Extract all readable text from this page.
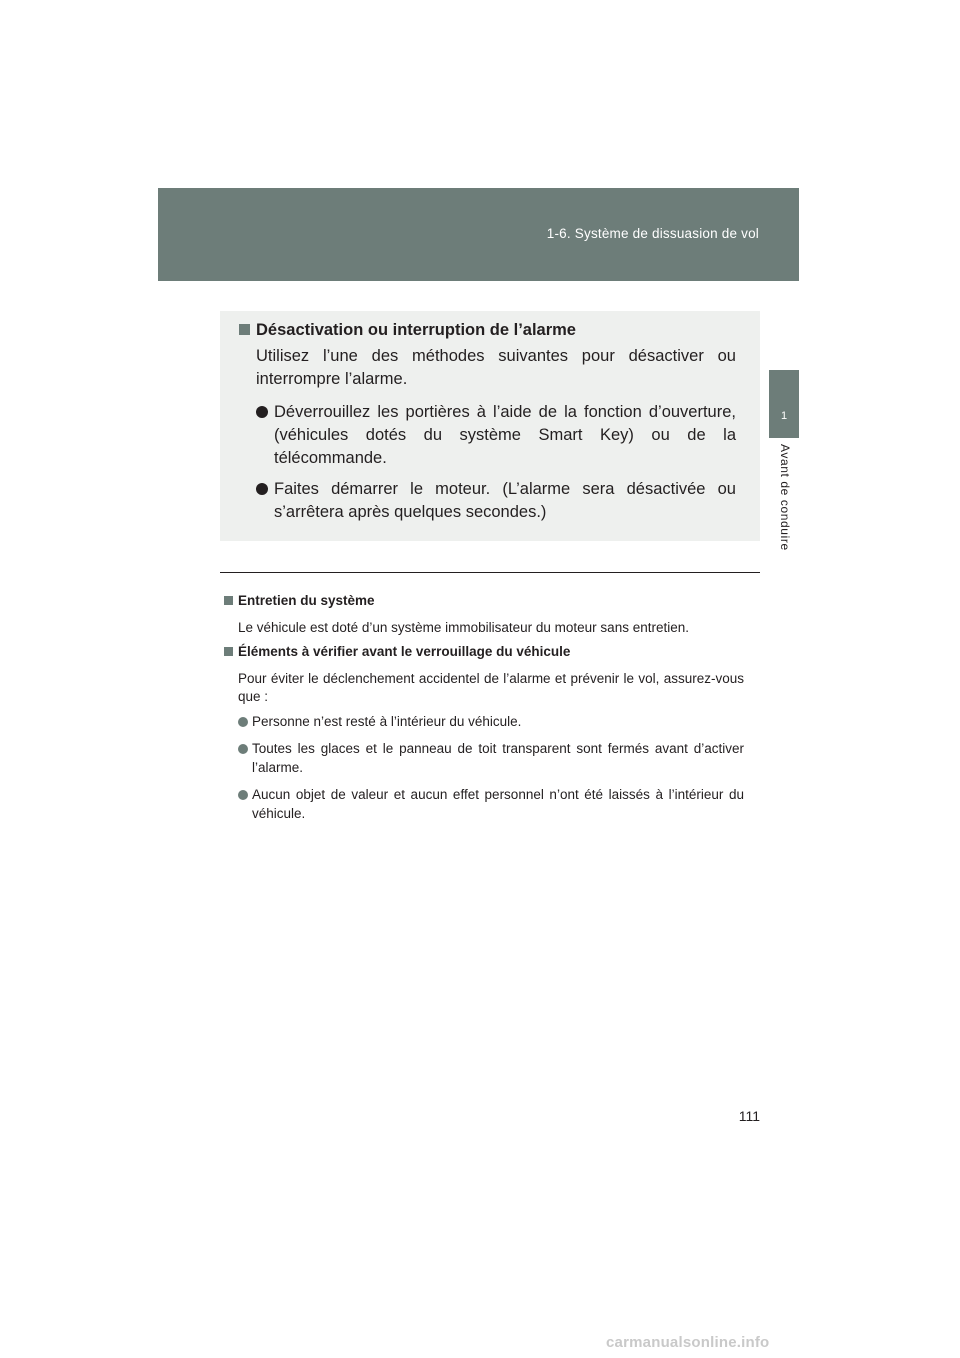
1-6. Système de dissuasion de vol
1
Avant de conduire
Désactivation ou interruption de l’alarme
Utilisez l’une des méthodes suivantes pour désactiver ou interrompre l’alarme.
Déverrouillez les portières à l’aide de la fonction d’ouverture, (véhicules dotés du système Smart Key) ou de la télécommande.
Faites démarrer le moteur. (L’alarme sera désactivée ou s’arrêtera après quelques secondes.)
Entretien du système
Le véhicule est doté d’un système immobilisateur du moteur sans entretien.
Éléments à vérifier avant le verrouillage du véhicule
Pour éviter le déclenchement accidentel de l’alarme et prévenir le vol, assurez-vous que :
Personne n’est resté à l’intérieur du véhicule.
Toutes les glaces et le panneau de toit transparent sont fermés avant d’activer l’alarme.
Aucun objet de valeur et aucun effet personnel n’ont été laissés à l’intérieur du véhicule.
111
carmanualsonline.info
